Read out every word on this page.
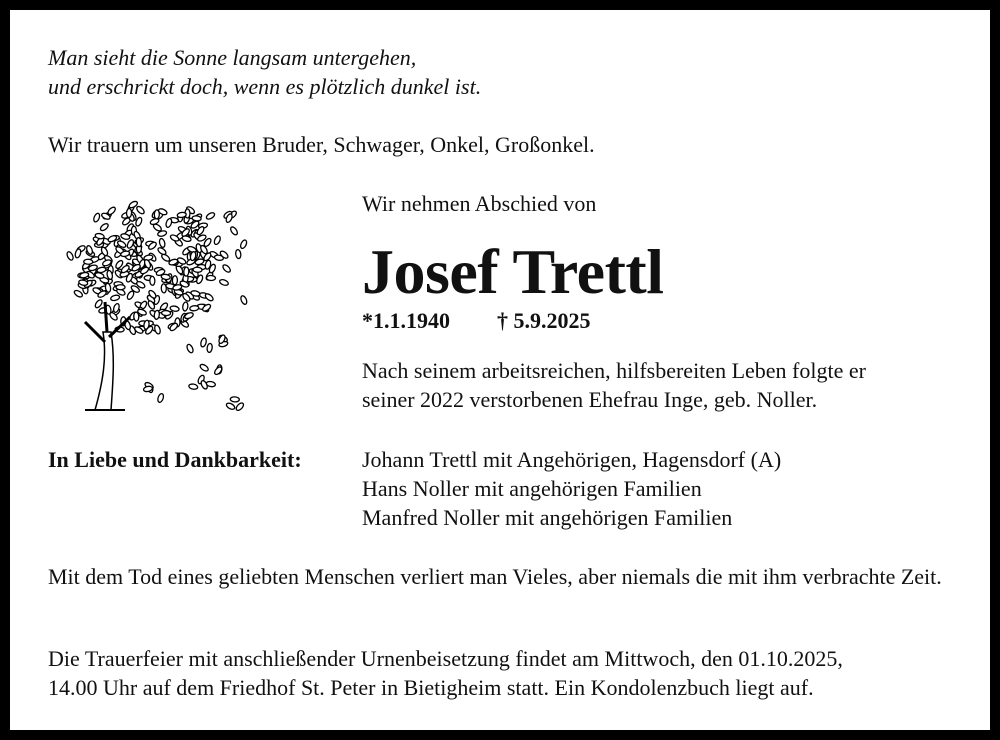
Man sieht die Sonne langsam untergehen,
und erschrickt doch, wenn es plötzlich dunkel ist.
Wir trauern um unseren Bruder, Schwager, Onkel, Großonkel.
Wir nehmen Abschied von
Josef Trettl
*1.1.1940 † 5.9.2025
Nach seinem arbeitsreichen, hilfsbereiten Leben folgte er
seiner 2022 verstorbenen Ehefrau Inge, geb. Noller.
In Liebe und Dankbarkeit:	Johann Trettl mit Angehörigen, Hagensdorf (A)
Hans Noller mit angehörigen Familien
Manfred Noller mit angehörigen Familien
Mit dem Tod eines geliebten Menschen verliert man Vieles, aber niemals die mit ihm verbrachte Zeit.
Die Trauerfeier mit anschließender Urnenbeisetzung findet am Mittwoch, den 01.10.2025,
14.00 Uhr auf dem Friedhof St. Peter in Bietigheim statt. Ein Kondolenzbuch liegt auf.
